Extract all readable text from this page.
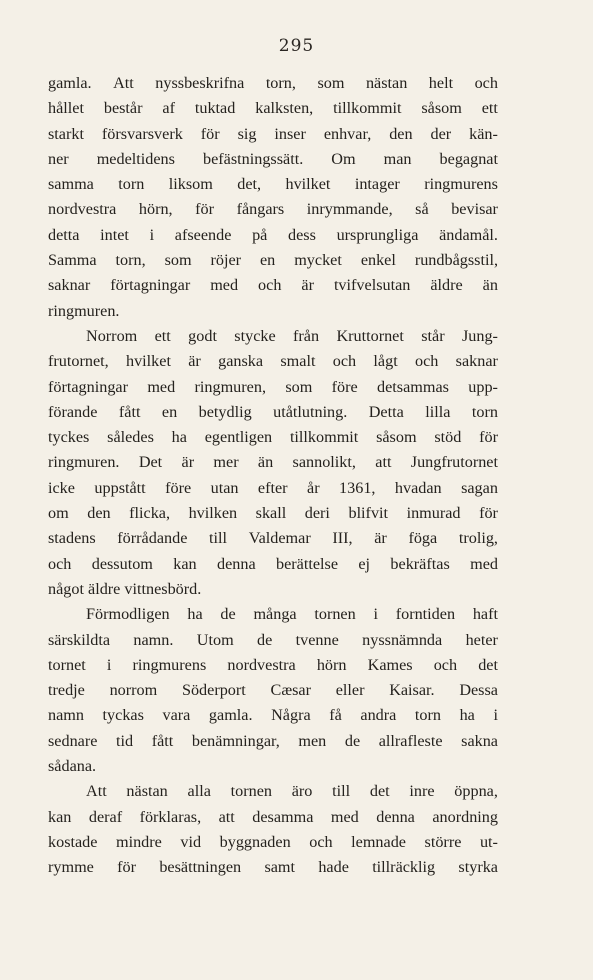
295
gamla. Att nyssbeskrifna torn, som nästan helt och
hållet består af tuktad kalksten, tillkommit såsom ett
starkt försvarsverk för sig inser enhvar, den der kän-
ner medeltidens befästningssätt. Om man begagnat
samma torn liksom det, hvilket intager ringmurens
nordvestra hörn, för fångars inrymmande, så bevisar
detta intet i afseende på dess ursprungliga ändamål.
Samma torn, som röjer en mycket enkel rundbågsstil,
saknar förtagningar med och är tvifvelsutan äldre än
ringmuren.
Norrom ett godt stycke från Kruttornet står Jung-
frutornet, hvilket är ganska smalt och lågt och saknar
förtagningar med ringmuren, som före detsammas upp-
förande fått en betydlig utåtlutning. Detta lilla torn
tyckes således ha egentligen tillkommit såsom stöd för
ringmuren. Det är mer än sannolikt, att Jungfrutornet
icke uppstått före utan efter år 1361, hvadan sagan
om den flicka, hvilken skall deri blifvit inmurad för
stadens förrådande till Valdemar III, är föga trolig,
och dessutom kan denna berättelse ej bekräftas med
något äldre vittnesbörd.
Förmodligen ha de många tornen i forntiden haft
särskildta namn. Utom de tvenne nyssnämnda heter
tornet i ringmurens nordvestra hörn Kames och det
tredje norrom Söderport Cæsar eller Kaisar. Dessa
namn tyckas vara gamla. Några få andra torn ha i
sednare tid fått benämningar, men de allrafleste sakna
sådana.
Att nästan alla tornen äro till det inre öppna,
kan deraf förklaras, att desamma med denna anordning
kostade mindre vid byggnaden och lemnade större ut-
rymme för besättningen samt hade tillräcklig styrka
